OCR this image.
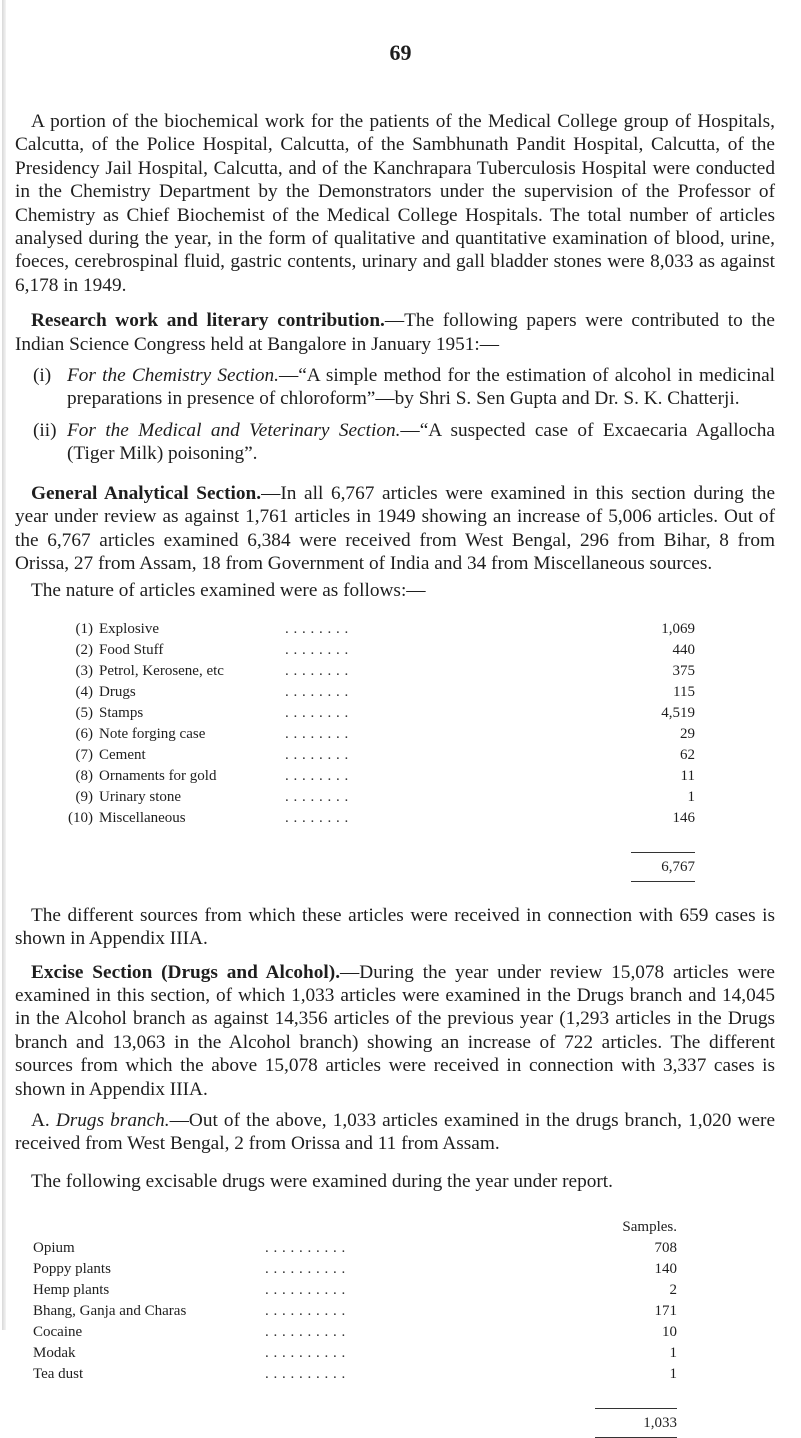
69

A portion of the biochemical work for the patients of the Medical College group of Hospitals, Calcutta, of the Police Hospital, Calcutta, of the Sambhunath Pandit Hospital, Calcutta, of the Presidency Jail Hospital, Calcutta, and of the Kanchrapara Tuberculosis Hospital were conducted in the Chemistry Department by the Demonstrators under the supervision of the Professor of Chemistry as Chief Biochemist of the Medical College Hospitals. The total number of articles analysed during the year, in the form of qualitative and quantitative examination of blood, urine, foeces, cerebrospinal fluid, gastric contents, urinary and gall bladder stones were 8,033 as against 6,178 in 1949.

Research work and literary contribution.—The following papers were contributed to the Indian Science Congress held at Bangalore in January 1951:—

(i) For the Chemistry Section.—“A simple method for the estimation of alcohol in medicinal preparations in presence of chloroform”—by Shri S. Sen Gupta and Dr. S. K. Chatterji.

(ii) For the Medical and Veterinary Section.—“A suspected case of Excaecaria Agallocha (Tiger Milk) poisoning”.

General Analytical Section.—In all 6,767 articles were examined in this section during the year under review as against 1,761 articles in 1949 showing an increase of 5,006 articles. Out of the 6,767 articles examined 6,384 were received from West Bengal, 296 from Bihar, 8 from Orissa, 27 from Assam, 18 from Government of India and 34 from Miscellaneous sources.

The nature of articles examined were as follows:—

(1)	Explosive	. . . . . . . .	1,069
(2)	Food Stuff	. . . . . . . .	440
(3)	Petrol, Kerosene, etc	. . . . . . . .	375
(4)	Drugs	. . . . . . . .	115
(5)	Stamps	. . . . . . . .	4,519
(6)	Note forging case	. . . . . . . .	29
(7)	Cement	. . . . . . . .	62
(8)	Ornaments for gold	. . . . . . . .	11
(9)	Urinary stone	. . . . . . . .	1
(10)	Miscellaneous	. . . . . . . .	146

			6,767

The different sources from which these articles were received in connection with 659 cases is shown in Appendix IIIA.

Excise Section (Drugs and Alcohol).—During the year under review 15,078 articles were examined in this section, of which 1,033 articles were examined in the Drugs branch and 14,045 in the Alcohol branch as against 14,356 articles of the previous year (1,293 articles in the Drugs branch and 13,063 in the Alcohol branch) showing an increase of 722 articles. The different sources from which the above 15,078 articles were received in connection with 3,337 cases is shown in Appendix IIIA.

A. Drugs branch.—Out of the above, 1,033 articles examined in the drugs branch, 1,020 were received from West Bengal, 2 from Orissa and 11 from Assam.

The following excisable drugs were examined during the year under report.

		Samples.
Opium	. . . . . . . . . .	708
Poppy plants	. . . . . . . . . .	140
Hemp plants	. . . . . . . . . .	2
Bhang, Ganja and Charas	. . . . . . . . . .	171
Cocaine	. . . . . . . . . .	10
Modak	. . . . . . . . . .	1
Tea dust	. . . . . . . . . .	1

		1,033
